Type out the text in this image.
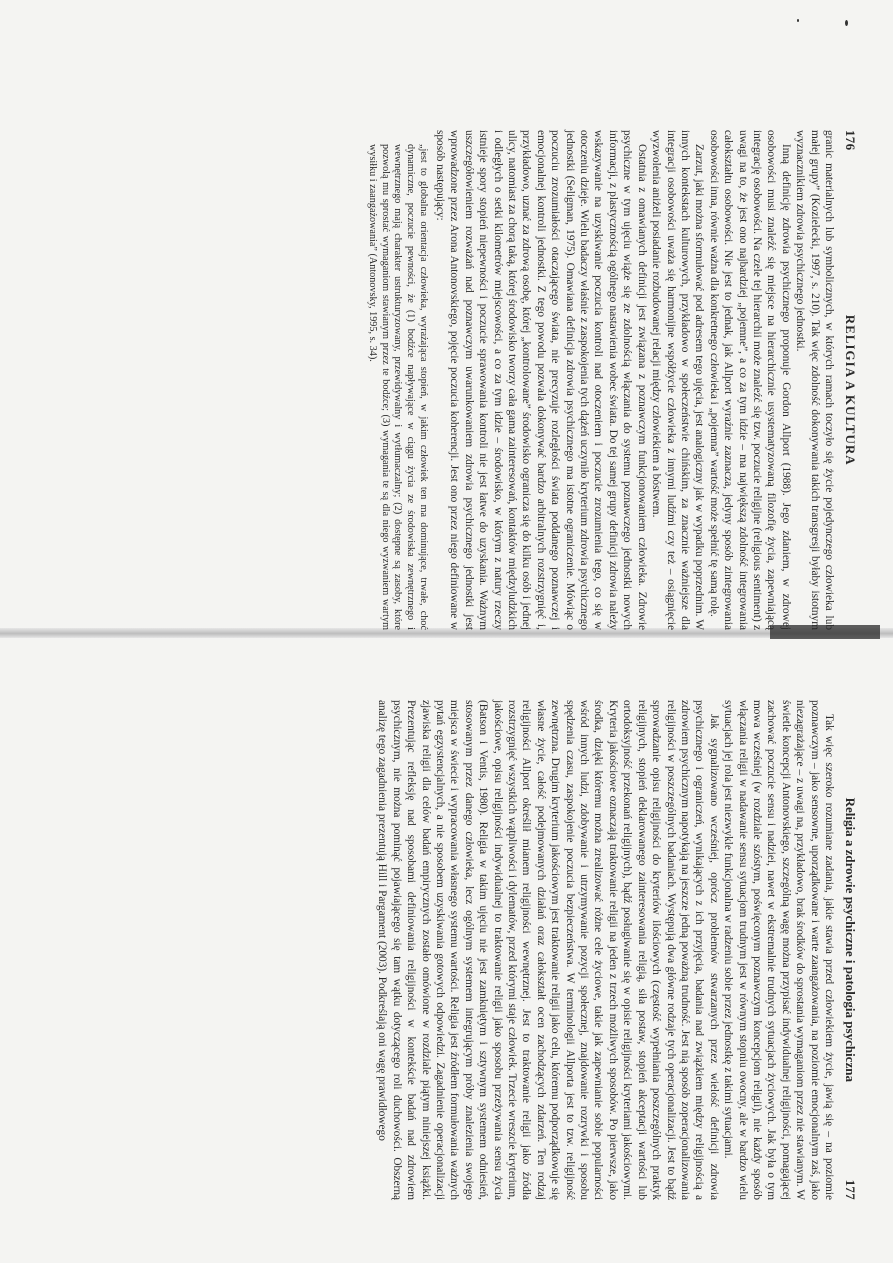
176
RELIGIA A KULTURA

granic materialnych lub symbolicznych, w których ramach toczyło się życie pojedynczego człowieka lub małej grupy” (Kozielecki, 1997, s. 210). Tak więc zdolność dokonywania takich transgresji byłaby istotnym wyznacznikiem zdrowia psychicznego jednostki.

Inną definicję zdrowia psychicznego proponuje Gordon Allport (1988). Jego zdaniem, w zdrowej osobowości musi znaleźć się miejsce na hierarchicznie usystematyzowaną filozofię życia, zapewniającą integrację osobowości. Na czele tej hierarchii może znaleźć się tzw. poczucie religijne (religious sentiment) z uwagi na to, że jest ono najbardziej „pojemne”, a co za tym idzie – ma największą zdolność integrowania całokształtu osobowości. Nie jest to jednak, jak Allport wyraźnie zaznacza, jedyny sposób zintegrowania osobowości inna, równie ważna dla konkretnego człowieka i „pojemna” wartość może spełnić tę samą rolę.

Zarzut, jaki można sformułować pod adresem tego ujęcia, jest analogiczny jak w wypadku poprzednim. W innych kontekstach kulturowych, przykładowo w społeczeństwie chińskim, za znacznie ważniejsze dla integracji osobowości uważa się harmonijne współżycie człowieka z innymi ludźmi czy też – osiągnięcie wyzwolenia aniżeli posiadanie rozbudowanej relacji między człowiekiem a bóstwem.

Ostatnia z omawianych definicji jest związana z poznawczym funkcjonowaniem człowieka. Zdrowie psychiczne w tym ujęciu wiąże się ze zdolnością włączania do systemu poznawczego jednostki nowych informacji, z plastycznością ogólnego nastawienia wobec świata. Do tej samej grupy definicji zdrowia należy wskazywanie na uzyskiwanie poczucia kontroli nad otoczeniem i poczucie zrozumienia tego, co się w otoczeniu dzieje. Wielu badaczy właśnie z zaspokojenia tych dążeń uczyniło kryterium zdrowia psychicznego jednostki (Seligman, 1975). Omawiana definicja zdrowia psychicznego ma istotne ograniczenie. Mówiąc o poczuciu zrozumiałości otaczającego świata, nie precyzuje rozległości świata poddanego poznawczej i emocjonalnej kontroli jednostki. Z tego powodu pozwala dokonywać bardzo arbitralnych rozstrzygnięć i, przykładowo, uznać za zdrową osobę, której „kontrolowane” środowisko ogranicza się do kilku osób i jednej ulicy, natomiast za chorą taką, której środowisko tworzy cała gama zainteresowań, kontaktów międzyludzkich i odległych o setki kilometrów miejscowości, a co za tym idzie – środowisko, w którym z natury rzeczy istnieje spory stopień niepewności i poczucie sprawowania kontroli nie jest łatwe do uzyskania. Ważnym uszczegółowieniem rozważań nad poznawczym uwarunkowaniem zdrowia psychicznego jednostki jest wprowadzone przez Arona Antonovskiego, pojęcie poczucia koherencji. Jest ono przez niego definiowane w sposób następujący:

„jest to globalna orientacja człowieka, wyrażająca stopień, w jakim człowiek ten ma dominujące, trwałe, choć dynamiczne, poczucie pewności, że (1) bodźce napływające w ciągu życia ze środowiska zewnętrznego i wewnętrznego mają charakter ustrukturyzowany, przewidywalny i wytłumaczalny; (2) dostępne są zasoby, które pozwolą mu sprostać wymaganiom stawianym przez te bodźce; (3) wymagania te są dla niego wyzwaniem wartym wysiłku i zaangażowania” (Antonovsky, 1995, s. 34).
Religia a zdrowie psychiczne i patologia psychiczna
177

Tak więc szeroko rozumiane zadania, jakie stawia przed człowiekiem życie, jawią się – na poziomie poznawczym – jako sensowne, uporządkowane i warte zaangażowania, na poziomie emocjonalnym zaś, jako niezagrażające – z uwagi na, przykładowo, brak środków do sprostania wymaganiom przez nie stawianym. W świetle koncepcji Antonovskiego, szczególną wagę można przypisać indywidualnej religijności, pomagającej zachować poczucie sensu i nadziei, nawet w ekstremalnie trudnych sytuacjach życiowych. Jak była o tym mowa wcześniej (w rozdziale szóstym, poświęconym poznawczym koncepcjom religii), nie każdy sposób włączania religii w nadawanie sensu sytuacjom trudnym jest w równym stopniu owocny, ale w bardzo wielu sytuacjach jej rola jest niezwykle funkcjonalna w radzeniu sobie przez jednostkę z takimi sytuacjami.

Jak sygnalizowano wcześniej, oprócz problemów stwarzanych przez wielość definicji zdrowia psychicznego i ograniczeń, wynikających z ich przyjęcia, badania nad związkiem między religijnością a zdrowiem psychicznym napotykają na jeszcze jedną poważną trudność. Jest nią sposób zoperacjonalizowania religijności w poszczególnych badaniach. Występują dwa główne rodzaje tych operacjonalizacji. Jest to bądź sprowadzanie opisu religijności do kryteriów ilościowych (częstość wypełniania poszczególnych praktyk religijnych, stopień deklarowanego zainteresowania religią, siła postaw, stopień akceptacji wartości lub ortodoksyjność przekonań religijnych), bądź posługiwanie się w opisie religijności kryteriami jakościowymi. Kryteria jakościowe oznaczają traktowanie religii na jeden z trzech możliwych sposobów. Po pierwsze, jako środka, dzięki któremu można zrealizować różne cele życiowe, takie jak zapewnianie sobie popularności wśród innych ludzi, zdobywanie i utrzymywanie pozycji społecznej, znajdowanie rozrywki i sposobu spędzenia czasu, zaspokojenie poczucia bezpieczeństwa. W terminologii Allporta jest to tzw. religijność zewnętrzna. Drugim kryterium jakościowym jest traktowanie religii jako celu, któremu podporządkowuje się własne życie, całość podejmowanych działań oraz całokształt ocen zachodzących zdarzeń. Ten rodzaj religijności Allport określił mianem religijności wewnętrznej. Jest to traktowanie religii jako źródła rozstrzygnięć wszystkich wątpliwości i dylematów, przed którymi staje człowiek. Trzecie wreszcie kryterium, jakościowe, opisu religijności indywidualnej to traktowanie religii jako sposobu przeżywania sensu życia (Batson i Ventis, 1980). Religia w takim ujęciu nie jest zamkniętym i sztywnym systemem odniesień, stosowanym przez danego człowieka, lecz ogólnym systemem integrującym próby znalezienia swojego miejsca w świecie i wypracowania własnego systemu wartości. Religia jest źródłem formułowania ważnych pytań egzystencjalnych, a nie sposobem uzyskiwania gotowych odpowiedzi. Zagadnienie operacjonalizacji zjawiska religii dla celów badań empirycznych zostało omówione w rozdziale piątym niniejszej książki. Prezentując refleksję nad sposobami definiowania religijności w kontekście badań nad zdrowiem psychicznym, nie można pominąć pojawiającego się tam wątku dotyczącego roli duchowości. Obszerną analizę tego zagadnienia prezentują Hill i Pargament (2003). Podkreślają oni wagę prawidłowego
